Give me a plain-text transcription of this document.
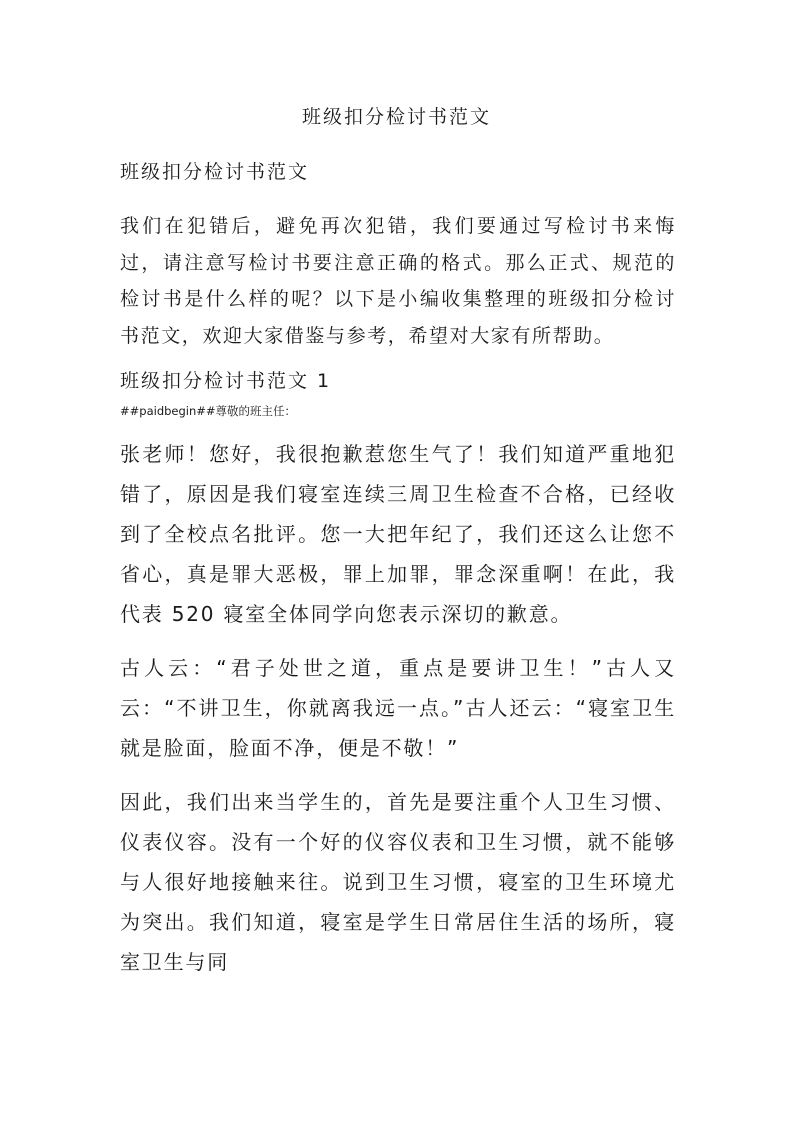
班级扣分检讨书范文
班级扣分检讨书范文

我们在犯错后，避免再次犯错，我们要通过写检讨书来悔过，请注意写检讨书要注意正确的格式。那么正式、规范的检讨书是什么样的呢？以下是小编收集整理的班级扣分检讨书范文，欢迎大家借鉴与参考，希望对大家有所帮助。

班级扣分检讨书范文 1
##paidbegin##尊敬的班主任：

张老师！您好，我很抱歉惹您生气了！我们知道严重地犯错了，原因是我们寝室连续三周卫生检查不合格，已经收到了全校点名批评。您一大把年纪了，我们还这么让您不省心，真是罪大恶极，罪上加罪，罪念深重啊！在此，我代表 520 寝室全体同学向您表示深切的歉意。

古人云：“君子处世之道，重点是要讲卫生！”古人又云：“不讲卫生，你就离我远一点。”古人还云：“寝室卫生就是脸面，脸面不净，便是不敬！”

因此，我们出来当学生的，首先是要注重个人卫生习惯、仪表仪容。没有一个好的仪容仪表和卫生习惯，就不能够与人很好地接触来往。说到卫生习惯，寝室的卫生环境尤为突出。我们知道，寝室是学生日常居住生活的场所，寝室卫生与同
